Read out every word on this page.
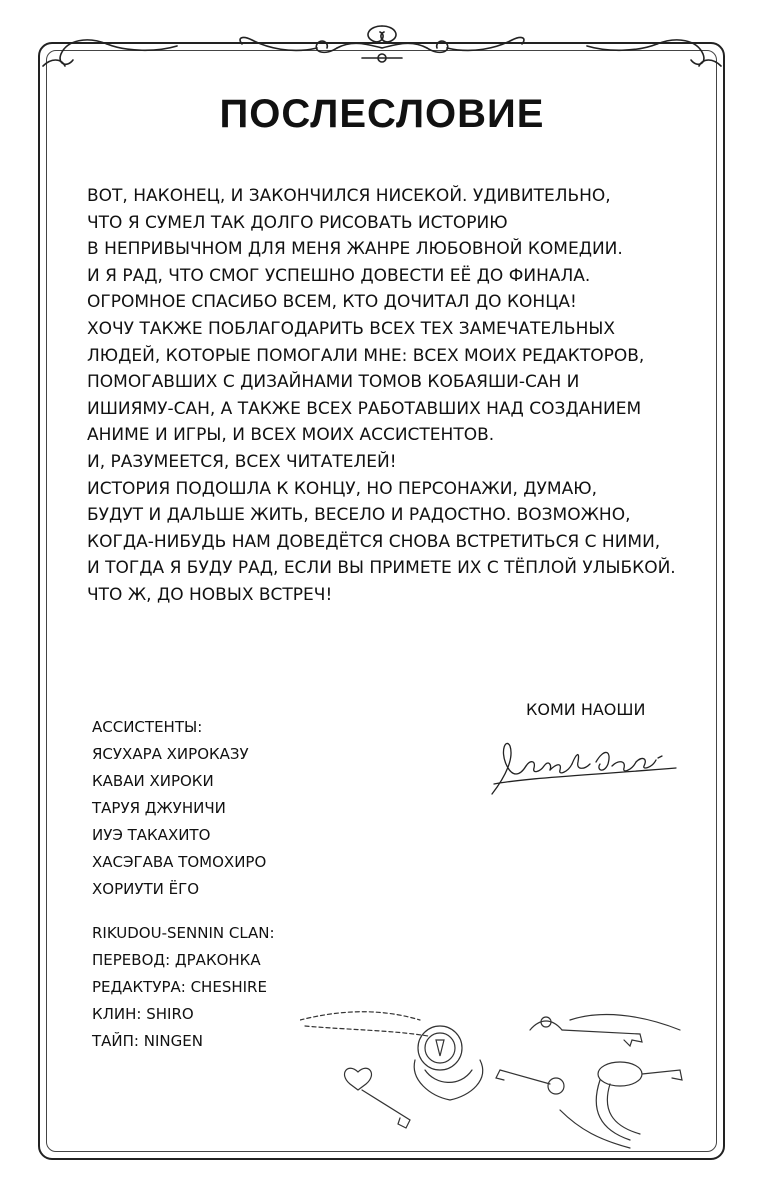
ПОСЛЕСЛОВИЕ
ВОТ, НАКОНЕЦ, И ЗАКОНЧИЛСЯ НИСЕКОЙ. УДИВИТЕЛЬНО,
ЧТО Я СУМЕЛ ТАК ДОЛГО РИСОВАТЬ ИСТОРИЮ
В НЕПРИВЫЧНОМ ДЛЯ МЕНЯ ЖАНРЕ ЛЮБОВНОЙ КОМЕДИИ.
И Я РАД, ЧТО СМОГ УСПЕШНО ДОВЕСТИ ЕЁ ДО ФИНАЛА.
ОГРОМНОЕ СПАСИБО ВСЕМ, КТО ДОЧИТАЛ ДО КОНЦА!
ХОЧУ ТАКЖЕ ПОБЛАГОДАРИТЬ ВСЕХ ТЕХ ЗАМЕЧАТЕЛЬНЫХ
ЛЮДЕЙ, КОТОРЫЕ ПОМОГАЛИ МНЕ: ВСЕХ МОИХ РЕДАКТОРОВ,
ПОМОГАВШИХ С ДИЗАЙНАМИ ТОМОВ КОБАЯШИ-САН И
ИШИЯМУ-САН, А ТАКЖЕ ВСЕХ РАБОТАВШИХ НАД СОЗДАНИЕМ
АНИМЕ И ИГРЫ, И ВСЕХ МОИХ АССИСТЕНТОВ.
И, РАЗУМЕЕТСЯ, ВСЕХ ЧИТАТЕЛЕЙ!
ИСТОРИЯ ПОДОШЛА К КОНЦУ, НО ПЕРСОНАЖИ, ДУМАЮ,
БУДУТ И ДАЛЬШЕ ЖИТЬ, ВЕСЕЛО И РАДОСТНО. ВОЗМОЖНО,
КОГДА-НИБУДЬ НАМ ДОВЕДЁТСЯ СНОВА ВСТРЕТИТЬСЯ С НИМИ,
И ТОГДА Я БУДУ РАД, ЕСЛИ ВЫ ПРИМЕТЕ ИХ С ТЁПЛОЙ УЛЫБКОЙ.
ЧТО Ж, ДО НОВЫХ ВСТРЕЧ!
КОМИ НАОШИ
АССИСТЕНТЫ:
ЯСУХАРА ХИРОКАЗУ
КАВАИ ХИРОКИ
ТАРУЯ ДЖУНИЧИ
ИУЭ ТАКАХИТО
ХАСЭГАВА ТОМОХИРО
ХОРИУТИ ЁГО
RIKUDOU-SENNIN CLAN:
ПЕРЕВОД: ДРАКОНКА
РЕДАКТУРА: CHESHIRE
КЛИН: SHIRO
ТАЙП: NINGEN
